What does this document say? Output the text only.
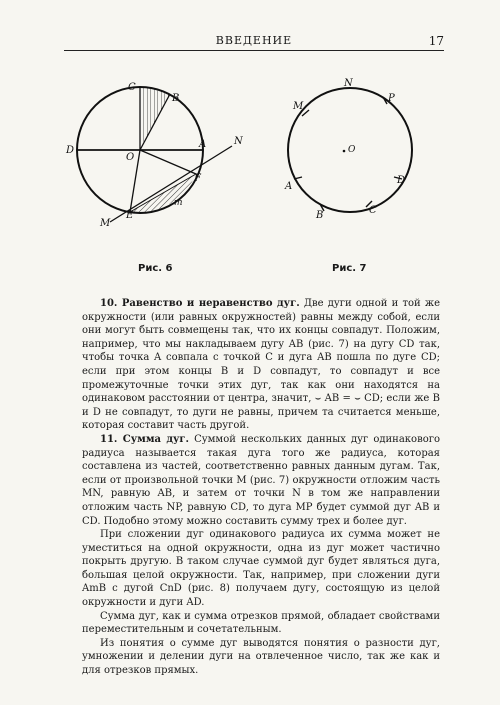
ВВЕДЕНИЕ	17
C
B
D
O
A	N
F
m
E
M
N
M
P
O
A
B	C
D
Рис. 6	Рис. 7

10. Равенство и неравенство дуг. Две дуги одной и той же окружности (или равных окружностей) равны между собой, если они могут быть совмещены так, что их концы совпадут. Положим, например, что мы накладываем дугу AB (рис. 7) на дугу CD так, чтобы точка A совпала с точкой C и дуга AB пошла по дуге CD; если при этом концы B и D совпадут, то совпадут и все промежуточные точки этих дуг, так как они находятся на одинаковом расстоянии от центра, значит, ⌣ AB = ⌣ CD; если же B и D не совпадут, то дуги не равны, причем та считается меньше, которая составит часть другой.

11. Сумма дуг. Суммой нескольких данных дуг одинакового радиуса называется такая дуга того же радиуса, которая составлена из частей, соответственно равных данным дугам. Так, если от произвольной точки M (рис. 7) окружности отложим часть MN, равную AB, и затем от точки N в том же направлении отложим часть NP, равную CD, то дуга MP будет суммой дуг AB и CD. Подобно этому можно составить сумму трех и более дуг.

При сложении дуг одинакового радиуса их сумма может не уместиться на одной окружности, одна из дуг может частично покрыть другую. В таком случае суммой дуг будет являться дуга, большая целой окружности. Так, например, при сложении дуги AmB с дугой CnD (рис. 8) получаем дугу, состоящую из целой окружности и дуги AD.

Сумма дуг, как и сумма отрезков прямой, обладает свойствами переместительным и сочетательным.

Из понятия о сумме дуг выводятся понятия о разности дуг, умножении и делении дуги на отвлеченное число, так же как и для отрезков прямых.
